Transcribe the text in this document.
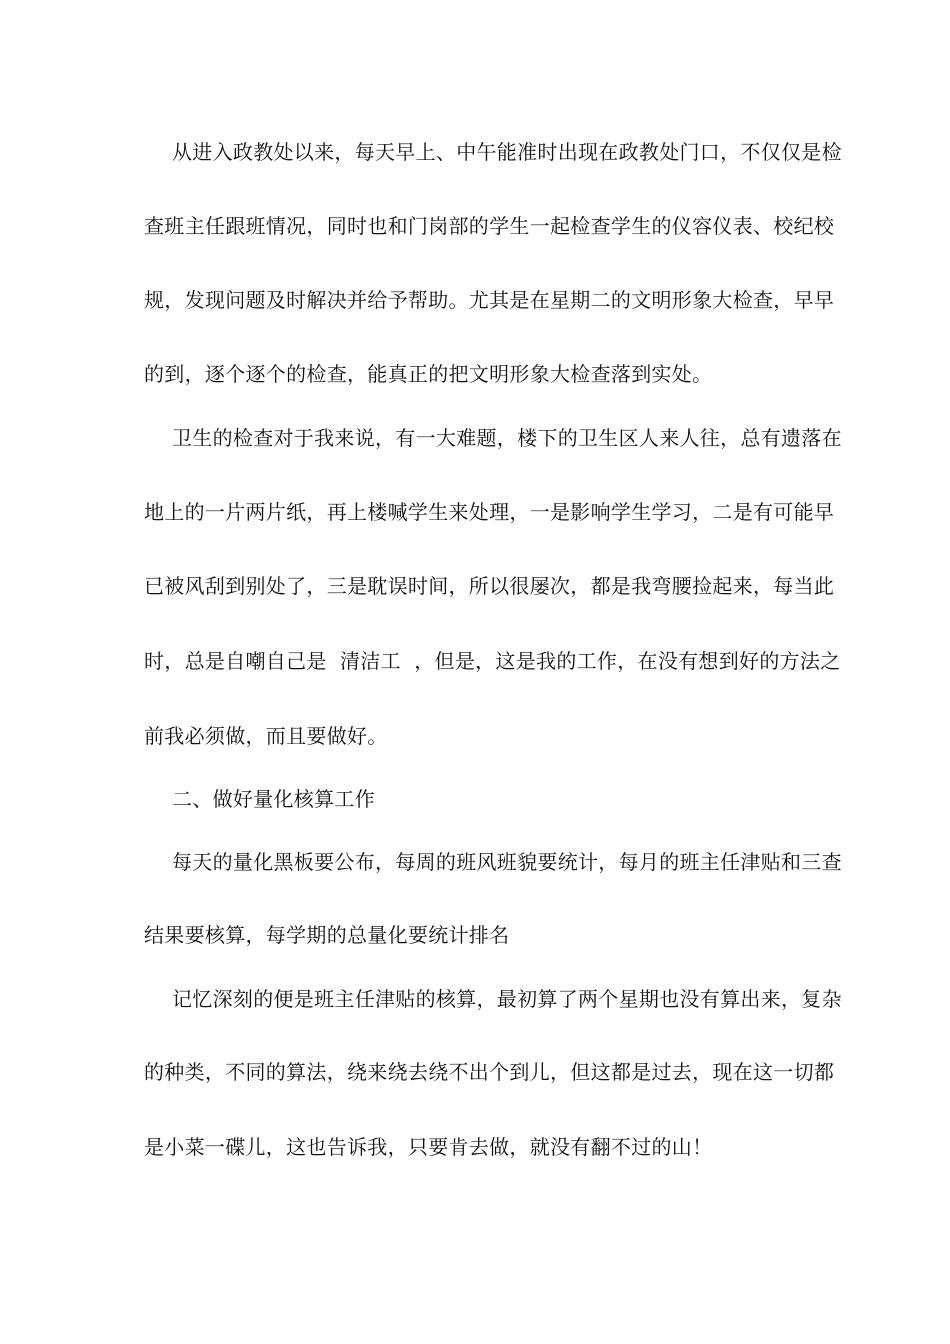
从进入政教处以来，每天早上、中午能准时出现在政教处门口，不仅仅是检
查班主任跟班情况，同时也和门岗部的学生一起检查学生的仪容仪表、校纪校
规，发现问题及时解决并给予帮助。尤其是在星期二的文明形象大检查，早早
的到，逐个逐个的检查，能真正的把文明形象大检查落到实处。
卫生的检查对于我来说，有一大难题，楼下的卫生区人来人往，总有遗落在
地上的一片两片纸，再上楼喊学生来处理，一是影响学生学习，二是有可能早
已被风刮到别处了，三是耽误时间，所以很屡次，都是我弯腰捡起来，每当此
时，总是自嘲自己是  清洁工  ，但是，这是我的工作，在没有想到好的方法之
前我必须做，而且要做好。
二、做好量化核算工作
每天的量化黑板要公布，每周的班风班貌要统计，每月的班主任津贴和三查
结果要核算，每学期的总量化要统计排名
记忆深刻的便是班主任津贴的核算，最初算了两个星期也没有算出来，复杂
的种类，不同的算法，绕来绕去绕不出个到儿，但这都是过去，现在这一切都
是小菜一碟儿，这也告诉我，只要肯去做，就没有翻不过的山！
